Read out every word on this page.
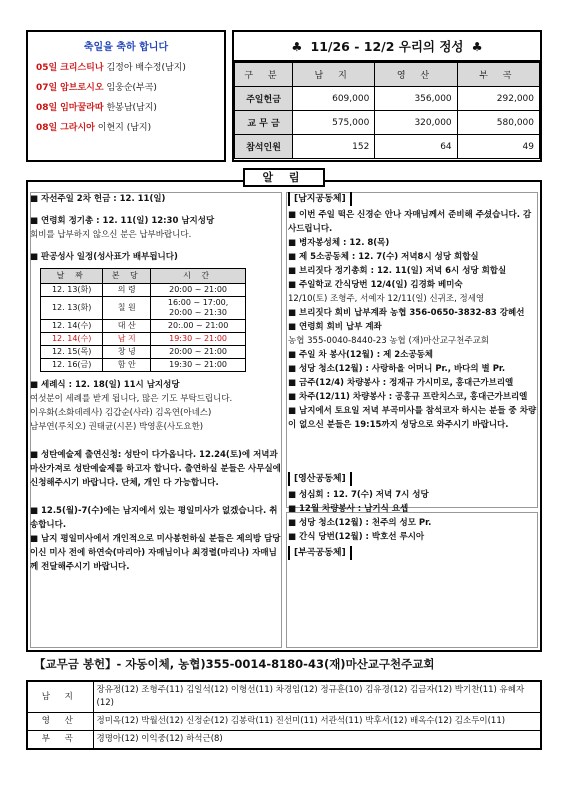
축일을 축하 합니다
05일 크리스티나 김정아 배수정(남지)
07일 암브로시오 임웅순(부곡)
08일 임마꿀라따 한봉남(남지)
08일 그라시아 이현지 (남지)
♣ 11/26 - 12/2 우리의 정성 ♣
구 분	남 지	영 산	부 곡
주일헌금	609,000	356,000	292,000
교 무 금	575,000	320,000	580,000
참석인원	152	64	49
알 림
■ 자선주일 2차 헌금 : 12. 11(일)
■ 연령회 정기총 : 12. 11(일) 12:30 남지성당
회비를 납부하지 않으신 분은 납부바랍니다.
■ 판공성사 일정(성사표가 배부됩니다)
날 짜	본 당	시 간
12. 13(화)	의 령	20:00 ~ 21:00
12. 13(화)	칠 원	16:00 ~ 17:00,
20:00 ~ 21:30
12. 14(수)	대 산	20:.00 ~ 21:00
12. 14(수)	남 지	19:30 ~ 21:00
12. 15(목)	창 녕	20:00 ~ 21:00
12. 16(금)	함 안	19:30 ~ 21:00
■ 세례식 : 12. 18(일) 11시 남지성당
여섯분이 세례를 받게 됩니다, 많은 기도 부탁드립니다.
이우화(소화데레사) 김갑순(사라) 김옥연(아네스)
남부연(루치오) 권태균(시몬) 박영훈(사도요한)
■ 성탄예술제 출연신청: 성탄이 다가옵니다. 12.24(토)에 저녁과 마산가져로 성탄예술제를 하고자 합니다. 출연하실 분들은 사무실에 신청해주시기 바랍니다. 단체, 개인 다 가능합니다.
■ 12.5(월)-7(수)에는 남지에서 있는 평일미사가 없겠습니다. 취송합니다.
■ 남지 평일미사에서 개인적으로 미사봉헌하실 분들은 제의방 담당이신 미사 전에 하연숙(마리아) 자매님이나 최경렬(마리나) 자매님께 전달해주시기 바랍니다.
[남지공동체]
■ 이번 주일 떡은 신경순 안나 자매님께서 준비해 주셨습니다. 감사드립니다.
■ 병자봉성체 : 12. 8(목)
■ 제 5소공동체 : 12. 7(수) 저녁8시 성당 회합실
■ 브리짓다 정기총회 : 12. 11(일) 저녁 6시 성당 회합실
■ 주일학교 간식당번 12/4(일) 김경화 베미숙
12/10(토) 조형주, 서예자 12/11(일) 신귀조, 정세영
■ 브리짓다 회비 납부계좌 농협 356-0650-3832-83 강혜선
■ 연령회 회비 납부 계좌
농협 355-0040-8440-23 농협 (재)마산교구천주교회
■ 주일 차 봉사(12월) : 제 2소공동체
■ 성당 청소(12월) : 사랑하올 어머니 Pr., 바다의 별 Pr.
■ 금주(12/4) 차량봉사 : 정재규 가시미로, 홍대근가브리엘
■ 차주(12/11) 차량봉사 : 공홍규 프란치스코, 홍대근가브리엘
■ 남지에서 토요일 저녁 부곡미사를 참석코자 하시는 분들 중 차량이 없으신 분들은 19:15까지 성당으로 와주시기 바랍니다.
[영산공동체]
■ 성심회 : 12. 7(수) 저녁 7시 성당
■ 12월 차량봉사 : 남기식 요셉
■ 성당 청소(12월) : 천주의 성모 Pr.
■ 간식 당번(12월) : 박호선 루시아
[부곡공동체]
【교무금 봉헌】- 자동이체, 농협)355-0014-8180-43(재)마산교구천주교회
남 지	장유정(12) 조형주(11) 김일석(12) 이형선(11) 차경임(12) 정규훈(10) 김유경(12) 김금자(12) 박기찬(11) 유혜자(12)
영 산	정미옥(12) 박월선(12) 신정순(12) 김봉락(11) 진선미(11) 서관석(11) 박후서(12) 배옥수(12) 김소두이(11)
부 곡	경명아(12) 이익중(12) 하석근(8)
